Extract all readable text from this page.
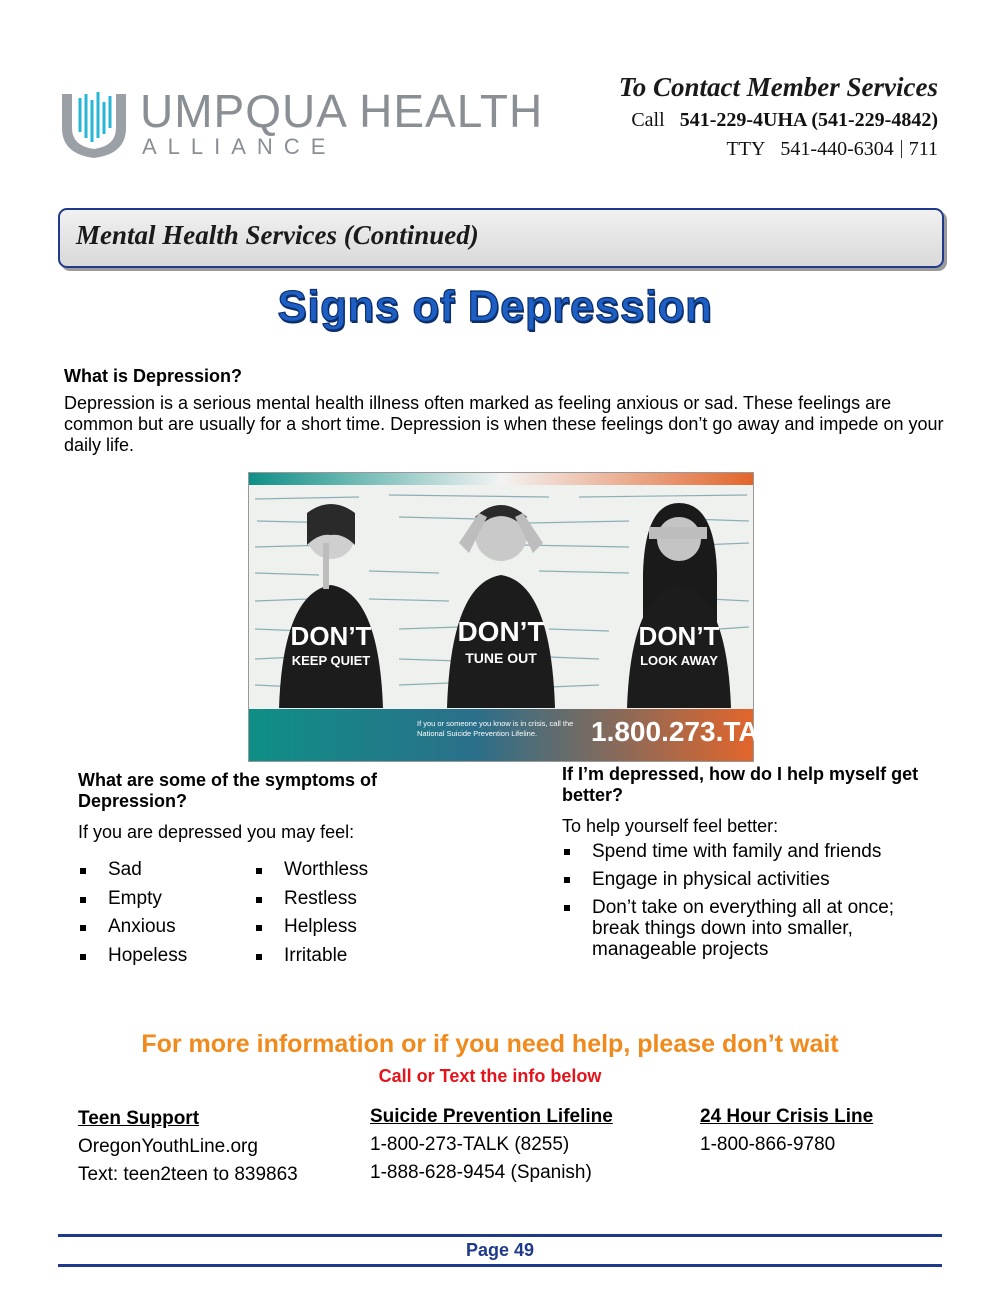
UMPQUA HEALTH
ALLIANCE
To Contact Member Services
Call 541-229-4UHA (541-229-4842)
TTY 541-440-6304 711
Mental Health Services (Continued)
Signs of Depression
What is Depression?
Depression is a serious mental health illness often marked as feeling anxious or sad. These feelings are common but are usually for a short time. Depression is when these feelings don’t go away and impede on your daily life.
DON’T
KEEP QUIET
DON’T
TUNE OUT
DON’T
LOOK AWAY
If you or someone you know is in crisis, call the National Suicide Prevention Lifeline.	1.800.273.TALK
What are some of the symptoms of Depression?
If you are depressed you may feel:
Sad
Empty
Anxious
Hopeless
Worthless
Restless
Helpless
Irritable
If I’m depressed, how do I help myself get better?
To help yourself feel better:
Spend time with family and friends
Engage in physical activities
Don’t take on everything all at once; break things down into smaller, manageable projects
For more information or if you need help, please don’t wait
Call or Text the info below
Teen Support
OregonYouthLine.org
Text: teen2teen to 839863
Suicide Prevention Lifeline
1-800-273-TALK (8255)
1-888-628-9454 (Spanish)
24 Hour Crisis Line
1-800-866-9780
Page 49
